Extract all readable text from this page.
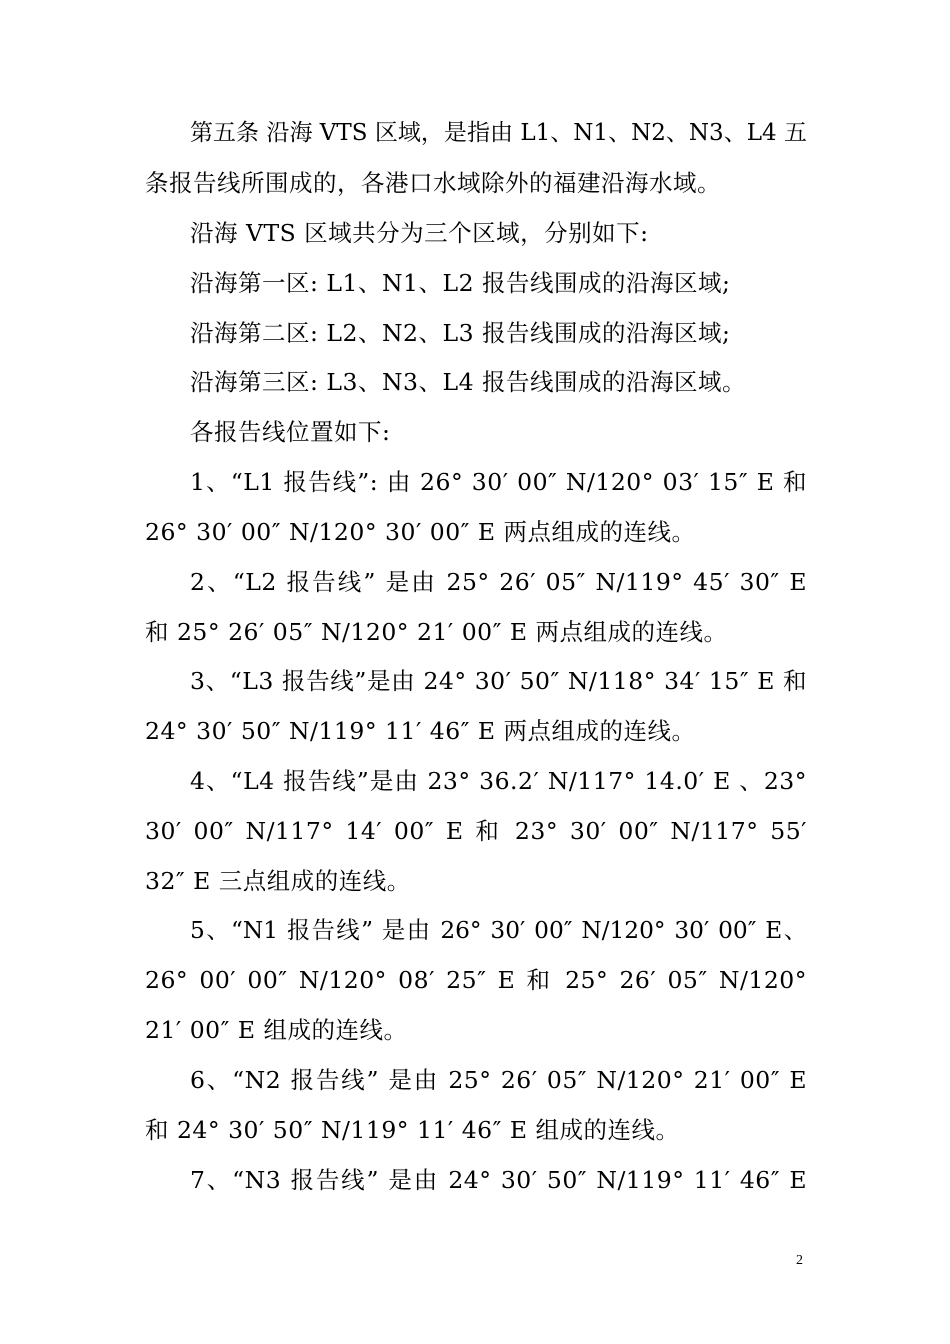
第五条 沿海 VTS 区域，是指由 L1、N1、N2、N3、L4 五
条报告线所围成的，各港口水域除外的福建沿海水域。
沿海 VTS 区域共分为三个区域，分别如下:
沿海第一区: L1、N1、L2 报告线围成的沿海区域;
沿海第二区: L2、N2、L3 报告线围成的沿海区域;
沿海第三区: L3、N3、L4 报告线围成的沿海区域。
各报告线位置如下:
1、“L1 报告线”: 由 26° 30′ 00″ N/120° 03′ 15″ E 和
26° 30′ 00″ N/120° 30′ 00″ E 两点组成的连线。
2、“L2 报告线” 是由 25° 26′ 05″ N/119° 45′ 30″ E
和 25° 26′ 05″ N/120° 21′ 00″ E 两点组成的连线。
3、“L3 报告线”是由 24° 30′ 50″ N/118° 34′ 15″ E 和
24° 30′ 50″ N/119° 11′ 46″ E 两点组成的连线。
4、“L4 报告线”是由 23° 36.2′ N/117° 14.0′ E 、23°
30′ 00″ N/117° 14′ 00″ E 和 23° 30′ 00″ N/117° 55′
32″ E 三点组成的连线。
5、“N1 报告线” 是由 26° 30′ 00″ N/120° 30′ 00″ E、
26° 00′ 00″ N/120° 08′ 25″ E 和 25° 26′ 05″ N/120°
21′ 00″ E 组成的连线。
6、“N2 报告线” 是由 25° 26′ 05″ N/120° 21′ 00″ E
和 24° 30′ 50″ N/119° 11′ 46″ E 组成的连线。
7、“N3 报告线” 是由 24° 30′ 50″ N/119° 11′ 46″ E
2
